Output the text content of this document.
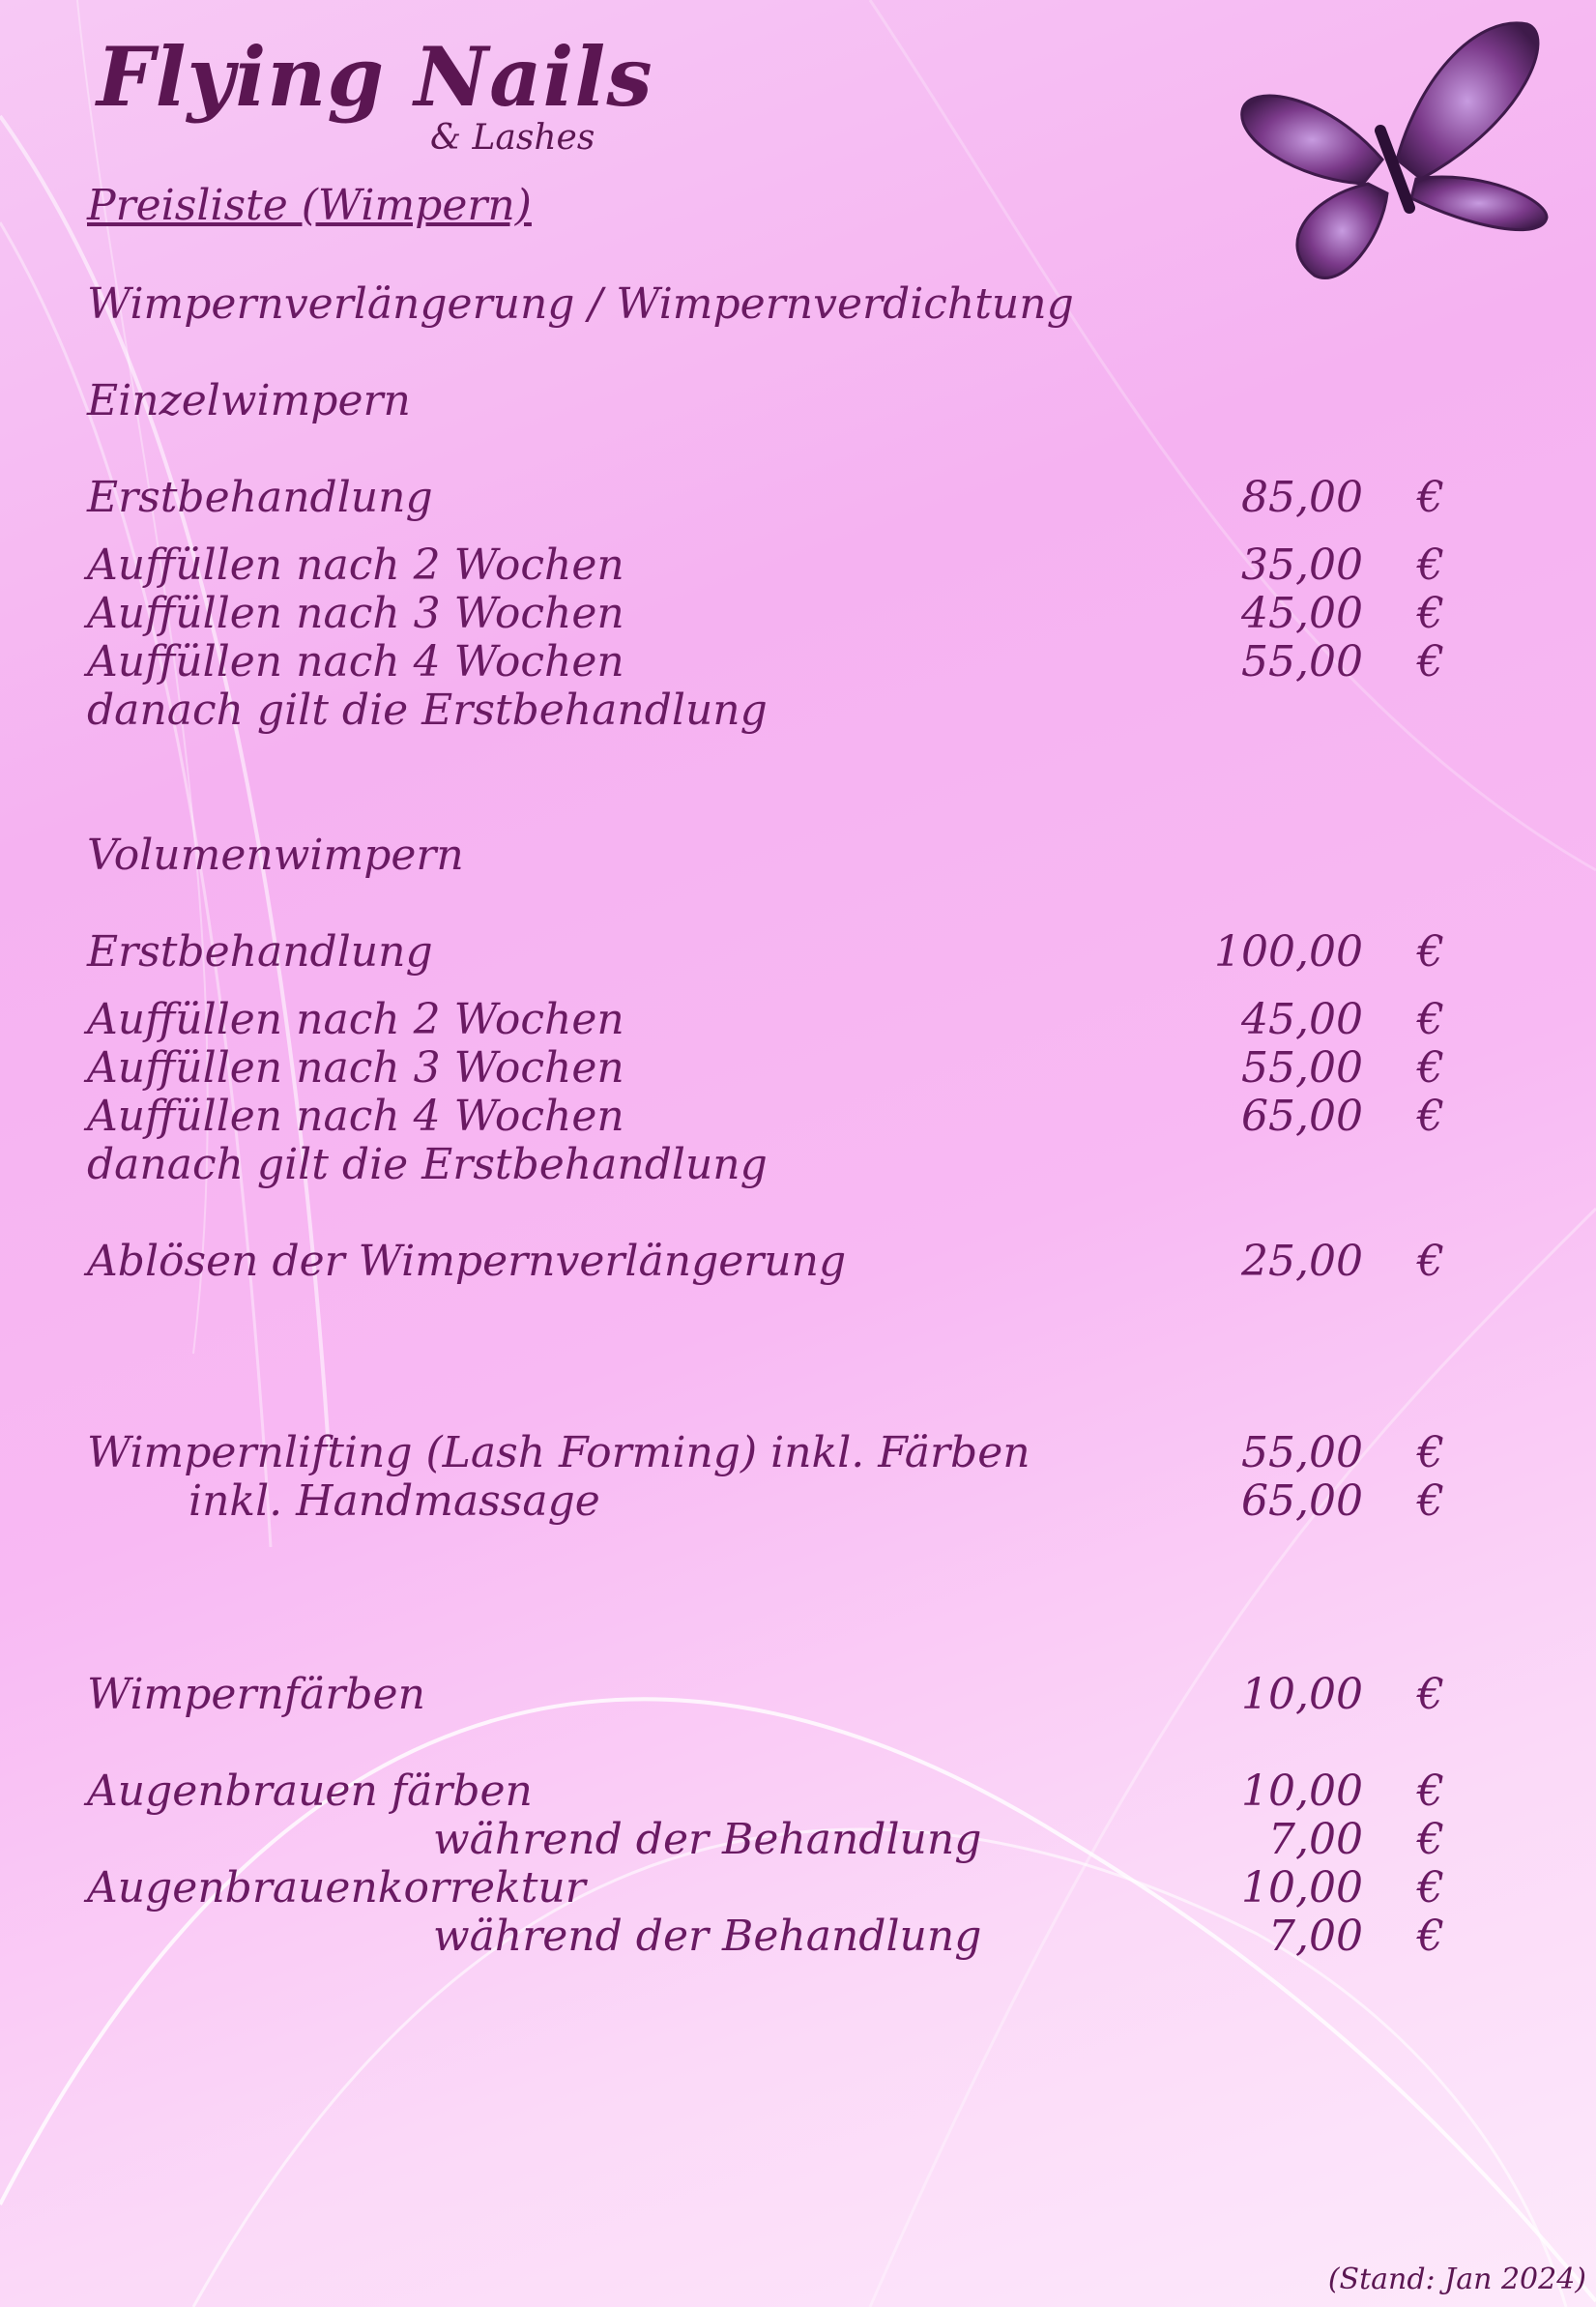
Flying Nails
& Lashes
Preisliste (Wimpern)
Wimpernverlängerung / Wimpernverdichtung
Einzelwimpern
Erstbehandlung	85,00	€
Auffüllen nach 2 Wochen	35,00	€
Auffüllen nach 3 Wochen	45,00	€
Auffüllen nach 4 Wochen	55,00	€
danach gilt die Erstbehandlung
Volumenwimpern
Erstbehandlung	100,00	€
Auffüllen nach 2 Wochen	45,00	€
Auffüllen nach 3 Wochen	55,00	€
Auffüllen nach 4 Wochen	65,00	€
danach gilt die Erstbehandlung
Ablösen der Wimpernverlängerung	25,00	€
Wimpernlifting (Lash Forming) inkl. Färben	55,00	€
inkl. Handmassage	65,00	€
Wimpernfärben	10,00	€
Augenbrauen färben	10,00	€
während der Behandlung	7,00	€
Augenbrauenkorrektur	10,00	€
während der Behandlung	7,00	€
(Stand: Jan 2024)
